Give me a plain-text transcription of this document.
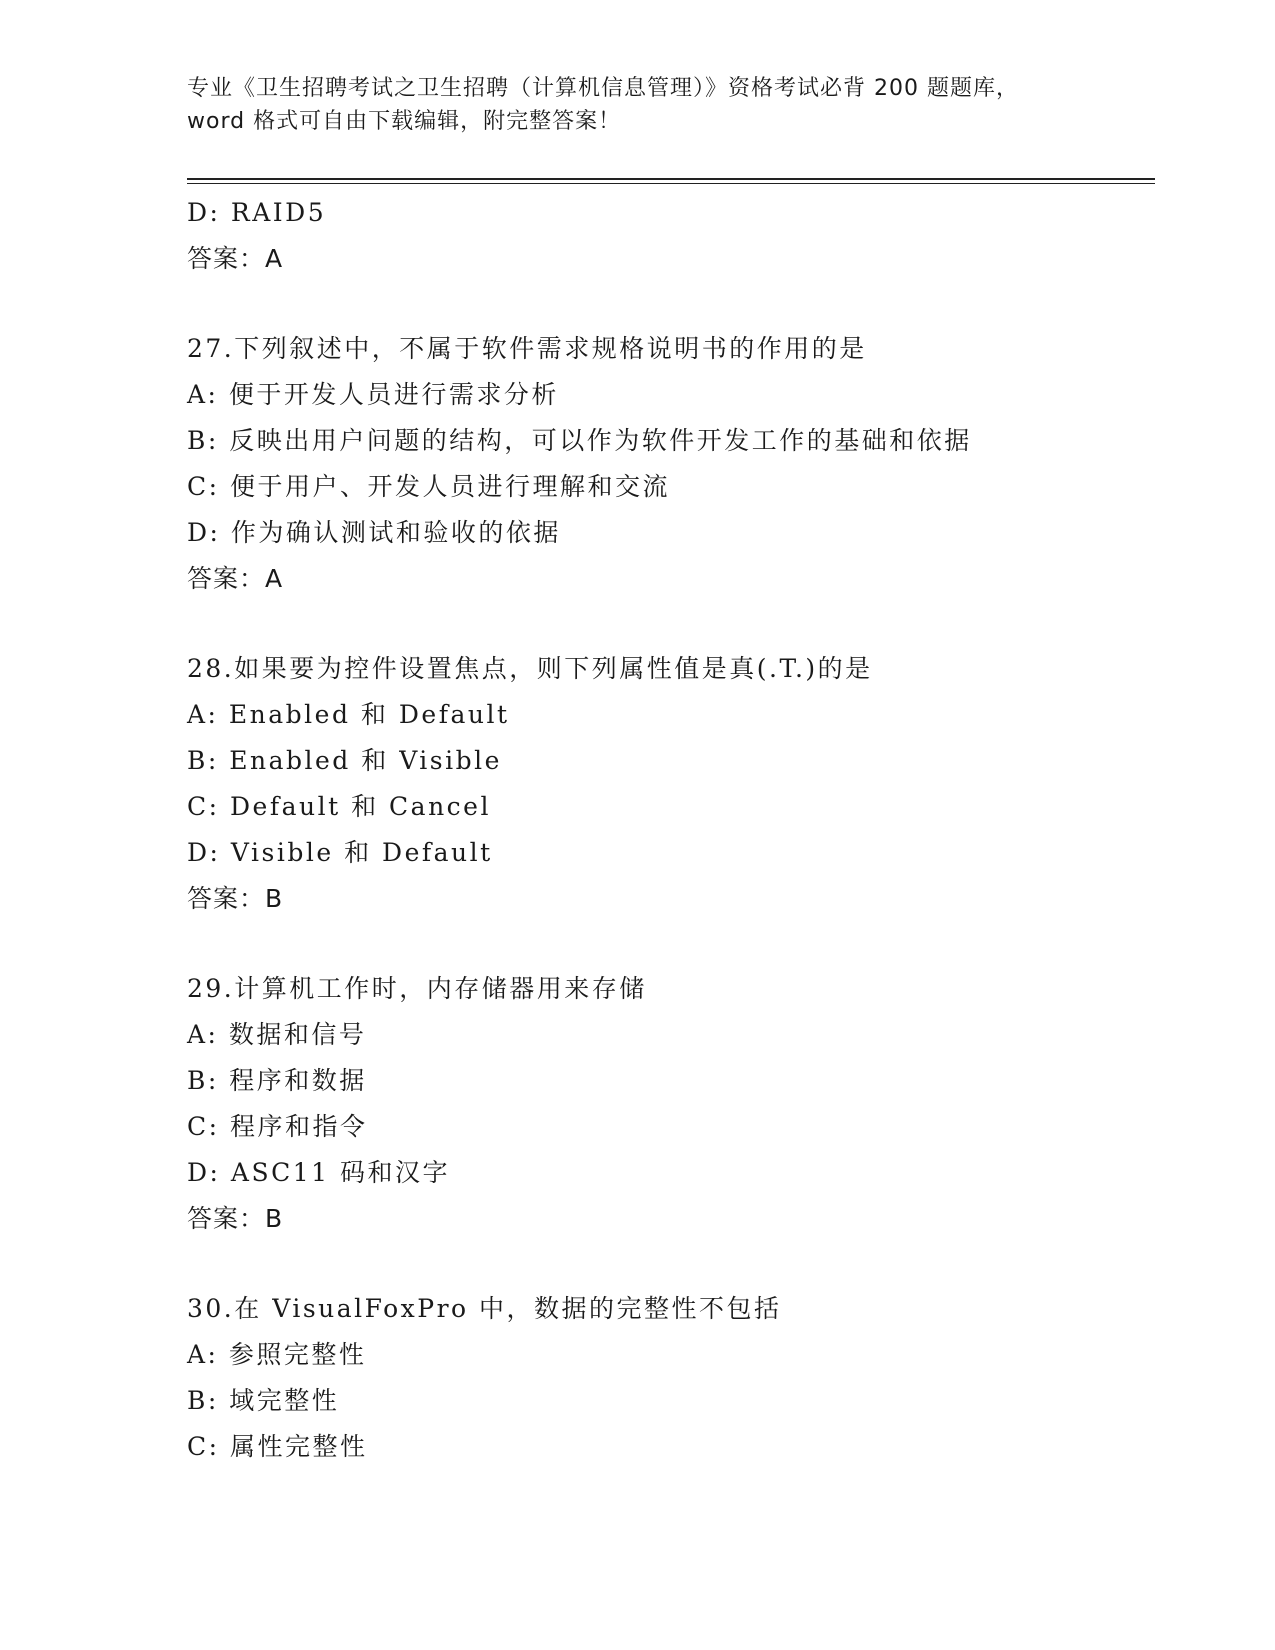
专业《卫生招聘考试之卫生招聘（计算机信息管理）》资格考试必背 200 题题库，
word 格式可自由下载编辑，附完整答案！
D: RAID5
答案：A
27.下列叙述中，不属于软件需求规格说明书的作用的是
A: 便于开发人员进行需求分析
B: 反映出用户问题的结构，可以作为软件开发工作的基础和依据
C: 便于用户、开发人员进行理解和交流
D: 作为确认测试和验收的依据
答案：A
28.如果要为控件设置焦点，则下列属性值是真(.T.)的是
A: Enabled 和 Default
B: Enabled 和 Visible
C: Default 和 Cancel
D: Visible 和 Default
答案：B
29.计算机工作时，内存储器用来存储
A: 数据和信号
B: 程序和数据
C: 程序和指令
D: ASC11 码和汉字
答案：B
30.在 VisualFoxPro 中，数据的完整性不包括
A: 参照完整性
B: 域完整性
C: 属性完整性
